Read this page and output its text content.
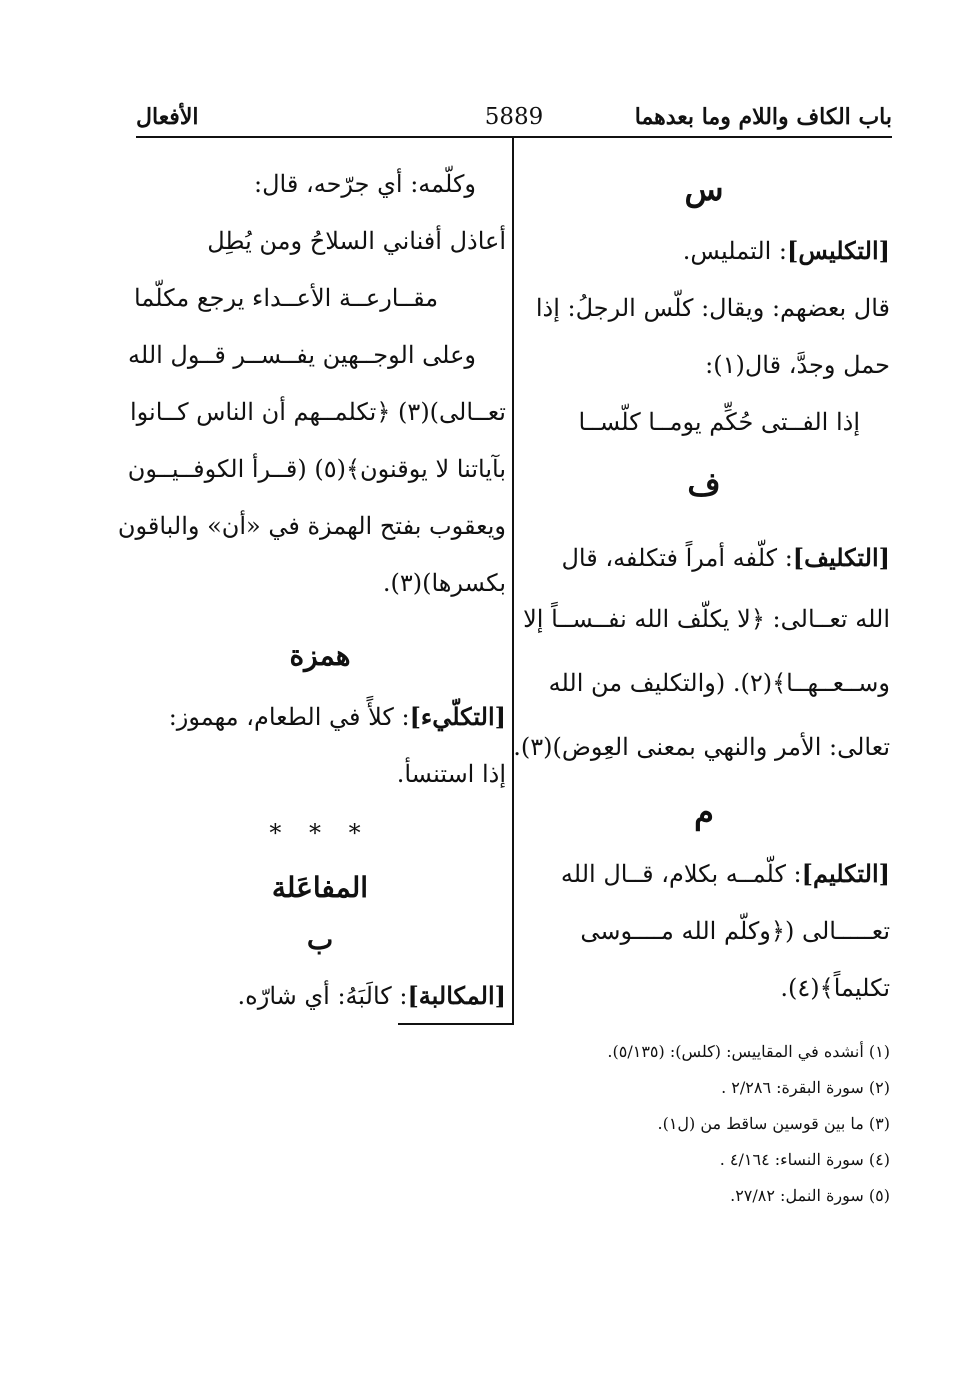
باب الكاف واللام وما بعدهما
5889
الأفعال
س

[التكليس]: التمليس.

قال بعضهم: ويقال: كلّس الرجلُ: إذا

حمل وجدَّ، قال(١):

إذا الفــتى حُكِّم يومــا كلّســا

ف

[التكليف]: كلّفه أمراً فتكلفه، قال

الله تعــالى: ﴿لا يكلّف الله نفــســاً إلا

وســعــهــا﴾(٢). (والتكليف من الله

تعالى: الأمر والنهي بمعنى العِوض)(٣).

م

[التكليم]: كلّمــه بكلام، قــال الله

تعـــــالى (﴿وكلّم الله مــــوسى

تكليماً﴾(٤).

وكلّمه: أي جرّحه، قال:

أعاذل أفناني السلاحُ ومن يُطِل

مقــارعــة الأعــداء يرجع مكلّما

وعلى الوجــهين يفــســر قــول الله

تعــالى)(٣) ﴿تكلمــهم أن الناس كــانوا

بآياتنا لا يوقنون﴾(٥) (قــرأ الكوفــيــون

ويعقوب بفتح الهمزة في «أن» والباقون

بكسرها)(٣).

همزة

[التكلّيء]: كلأً في الطعام، مهموز:

إذا استنسأ.

* * *
المفاعَلة
ب

[المكالبة]: كالَبَهُ: أي شارّه.

(١) أنشده في المقاييس: (كلس): (٥/١٣٥).

(٢) سورة البقرة: ٢/٢٨٦ .

(٣) ما بين قوسين ساقط من (ل١).

(٤) سورة النساء: ٤/١٦٤ .

(٥) سورة النمل: ٢٧/٨٢.
